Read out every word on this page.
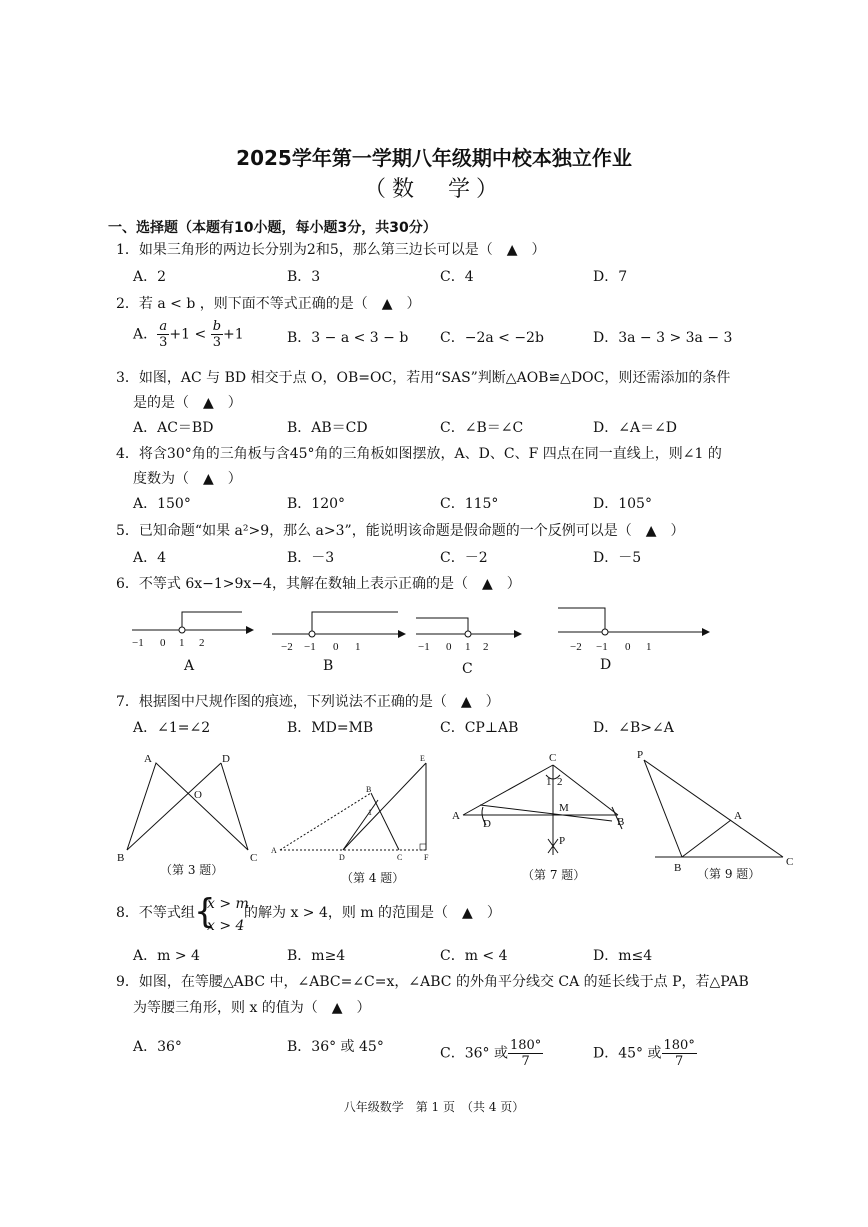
2025学年第一学期八年级期中校本独立作业
（数　学）
一、选择题（本题有10小题，每小题3分，共30分）
1．如果三角形的两边长分别为2和5，那么第三边长可以是（　▲　）
A．2	B．3	C．4	D．7
2．若 a < b ，则下面不等式正确的是（　▲　）
A． $\frac{a}{3} +1 < \frac{b}{3} +1$	B．3 − a < 3 − b C．−2a < −2b	D．3a − 3 > 3a − 3
3．如图，AC 与 BD 相交于点 O，OB=OC，若用“SAS”判断△AOB≌△DOC，则还需添加的条件
是的是（　▲　）
A．AC＝BD	B．AB＝CD	C．∠B＝∠C	D．∠A＝∠D
4．将含30°角的三角板与含45°角的三角板如图摆放，A、D、C、F 四点在同一直线上，则∠1 的
度数为（　▲　）
A．150°	B．120°	C．115°	D．105°
5．已知命题“如果 a²>9，那么 a>3”，能说明该命题是假命题的一个反例可以是（　▲　）
A．4	B．－3	C．－2	D．－5
6．不等式 6x−1>9x−4，其解在数轴上表示正确的是（　▲　）
−1 0 1 2	−2 −1 0 1	−1 0 1 2	−2 −1 0 1
A	B	C	D
7．根据图中尺规作图的痕迹，下列说法不正确的是（　▲　）
A．∠1=∠2	B．MD=MB	C．CP⊥AB	D．∠B>∠A
A	D
O
B	C
A
D	C	F
E
B
1
C
1 2
M
A
D	B
P
P
A
B	C
（第 3 题）
（第 4 题）	（第 7 题）	（第 9 题）
8．不等式组 {
x > m
x > 4
的解为 x > 4，则 m 的范围是（　▲　）
A．m > 4	B．m≥4	C．m < 4	D．m≤4
9．如图，在等腰△ABC 中，∠ABC=∠C=x，∠ABC 的外角平分线交 CA 的延长线于点 P，若△PAB
为等腰三角形，则 x 的值为（　▲　）
A．36°	B．36° 或 45°	C．36° 或 $\frac{180^\circ}{7}$	D．45° 或 $\frac{180^\circ}{7}$
八年级数学　第 1 页　（共 4 页）
